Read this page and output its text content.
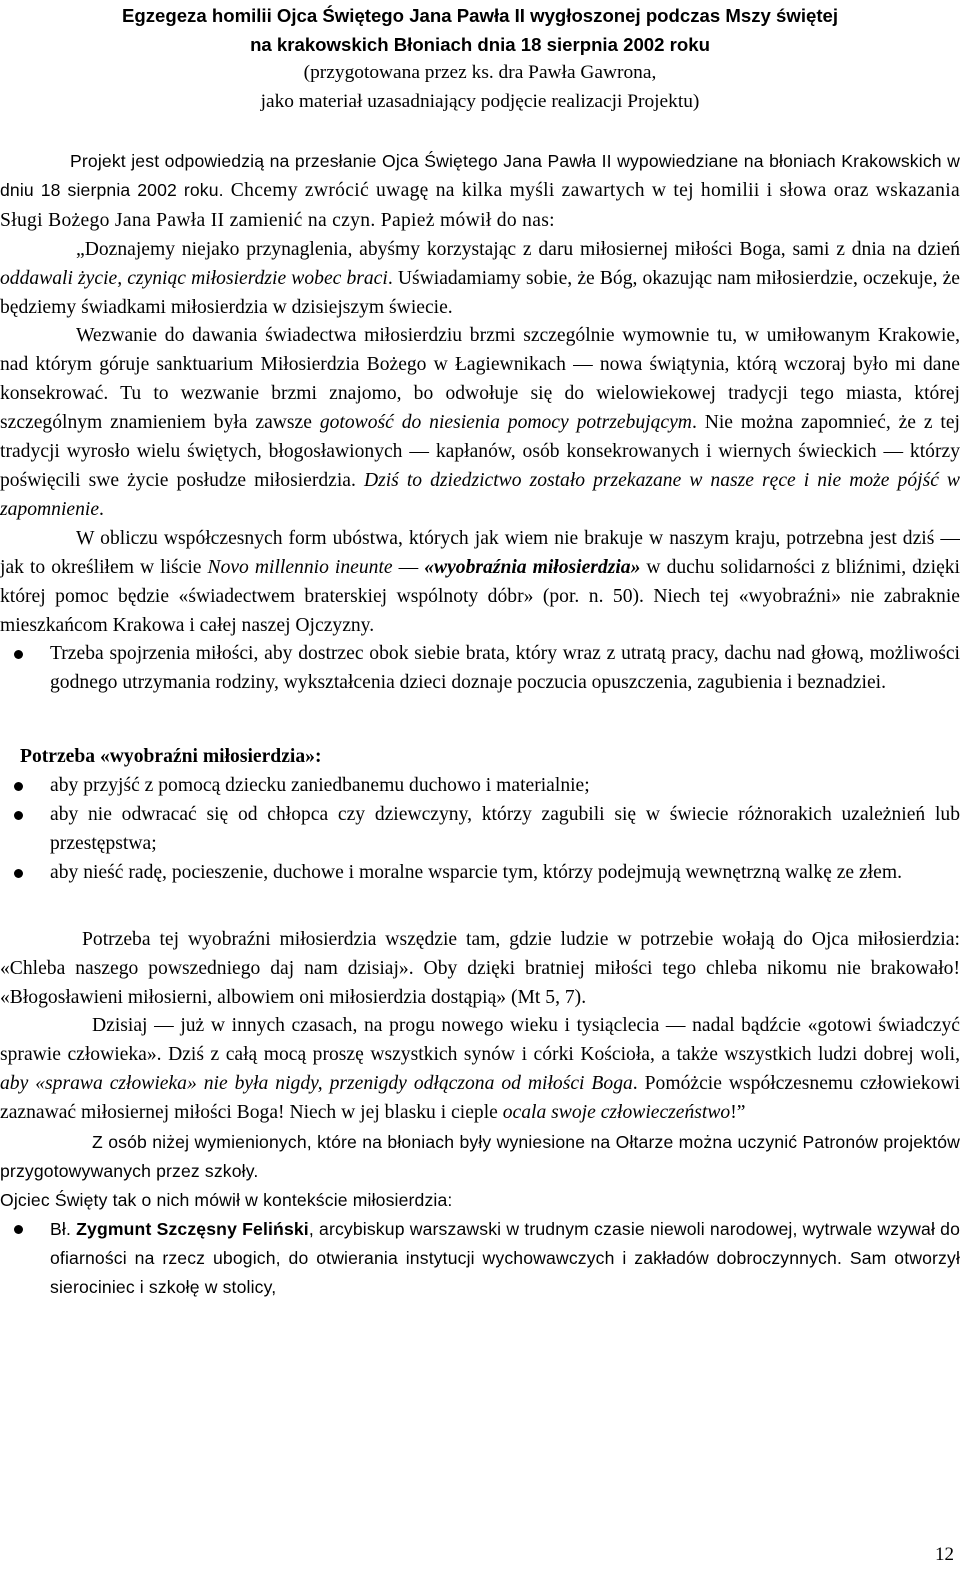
Egzegeza homilii Ojca Świętego Jana Pawła II wygłoszonej podczas Mszy świętej
na krakowskich Błoniach dnia 18 sierpnia 2002 roku
(przygotowana przez ks. dra Pawła Gawrona,
jako materiał uzasadniający podjęcie realizacji Projektu)

Projekt jest odpowiedzią na przesłanie Ojca Świętego Jana Pawła II wypowiedziane na błoniach Krakowskich w dniu 18 sierpnia 2002 roku. Chcemy zwrócić uwagę na kilka myśli zawartych w tej homilii i słowa oraz wskazania Sługi Bożego Jana Pawła II zamienić na czyn. Papież mówił do nas:

„Doznajemy niejako przynaglenia, abyśmy korzystając z daru miłosiernej miłości Boga, sami z dnia na dzień oddawali życie, czyniąc miłosierdzie wobec braci. Uświadamiamy sobie, że Bóg, okazując nam miłosierdzie, oczekuje, że będziemy świadkami miłosierdzia w dzisiejszym świecie.

Wezwanie do dawania świadectwa miłosierdziu brzmi szczególnie wymownie tu, w umiłowanym Krakowie, nad którym góruje sanktuarium Miłosierdzia Bożego w Łagiewnikach ― nowa świątynia, którą wczoraj było mi dane konsekrować. Tu to wezwanie brzmi znajomo, bo odwołuje się do wielowiekowej tradycji tego miasta, której szczególnym znamieniem była zawsze gotowość do niesienia pomocy potrzebującym. Nie można zapomnieć, że z tej tradycji wyrosło wielu świętych, błogosławionych ― kapłanów, osób konsekrowanych i wiernych świeckich ― którzy poświęcili swe życie posłudze miłosierdzia. Dziś to dziedzictwo zostało przekazane w nasze ręce i nie może pójść w zapomnienie.

W obliczu współczesnych form ubóstwa, których jak wiem nie brakuje w naszym kraju, potrzebna jest dziś ― jak to określiłem w liście Novo millennio ineunte ― «wyobraźnia miłosierdzia» w duchu solidarności z bliźnimi, dzięki której pomoc będzie «świadectwem braterskiej wspólnoty dóbr» (por. n. 50). Niech tej «wyobraźni» nie zabraknie mieszkańcom Krakowa i całej naszej Ojczyzny.

Trzeba spojrzenia miłości, aby dostrzec obok siebie brata, który wraz z utratą pracy, dachu nad głową, możliwości godnego utrzymania rodziny, wykształcenia dzieci doznaje poczucia opuszczenia, zagubienia i beznadziei.

Potrzeba «wyobraźni miłosierdzia»:

aby przyjść z pomocą dziecku zaniedbanemu duchowo i materialnie;
aby nie odwracać się od chłopca czy dziewczyny, którzy zagubili się w świecie różnorakich uzależnień lub przestępstwa;
aby nieść radę, pocieszenie, duchowe i moralne wsparcie tym, którzy podejmują wewnętrzną walkę ze złem.

Potrzeba tej wyobraźni miłosierdzia wszędzie tam, gdzie ludzie w potrzebie wołają do Ojca miłosierdzia: «Chleba naszego powszedniego daj nam dzisiaj». Oby dzięki bratniej miłości tego chleba nikomu nie brakowało! «Błogosławieni miłosierni, albowiem oni miłosierdzia dostąpią» (Mt 5, 7).

Dzisiaj ― już w innych czasach, na progu nowego wieku i tysiąclecia ― nadal bądźcie «gotowi świadczyć sprawie człowieka». Dziś z całą mocą proszę wszystkich synów i córki Kościoła, a także wszystkich ludzi dobrej woli, aby «sprawa człowieka» nie była nigdy, przenigdy odłączona od miłości Boga. Pomóżcie współczesnemu człowiekowi zaznawać miłosiernej miłości Boga! Niech w jej blasku i cieple ocala swoje człowieczeństwo!”

Z osób niżej wymienionych, które na błoniach były wyniesione na Ołtarze można uczynić Patronów projektów przygotowywanych przez szkoły.

Ojciec Święty tak o nich mówił w kontekście miłosierdzia:

Bł. Zygmunt Szczęsny Feliński, arcybiskup warszawski w trudnym czasie niewoli narodowej, wytrwale wzywał do ofiarności na rzecz ubogich, do otwierania instytucji wychowawczych i zakładów dobroczynnych. Sam otworzył sierociniec i szkołę w stolicy,
12
